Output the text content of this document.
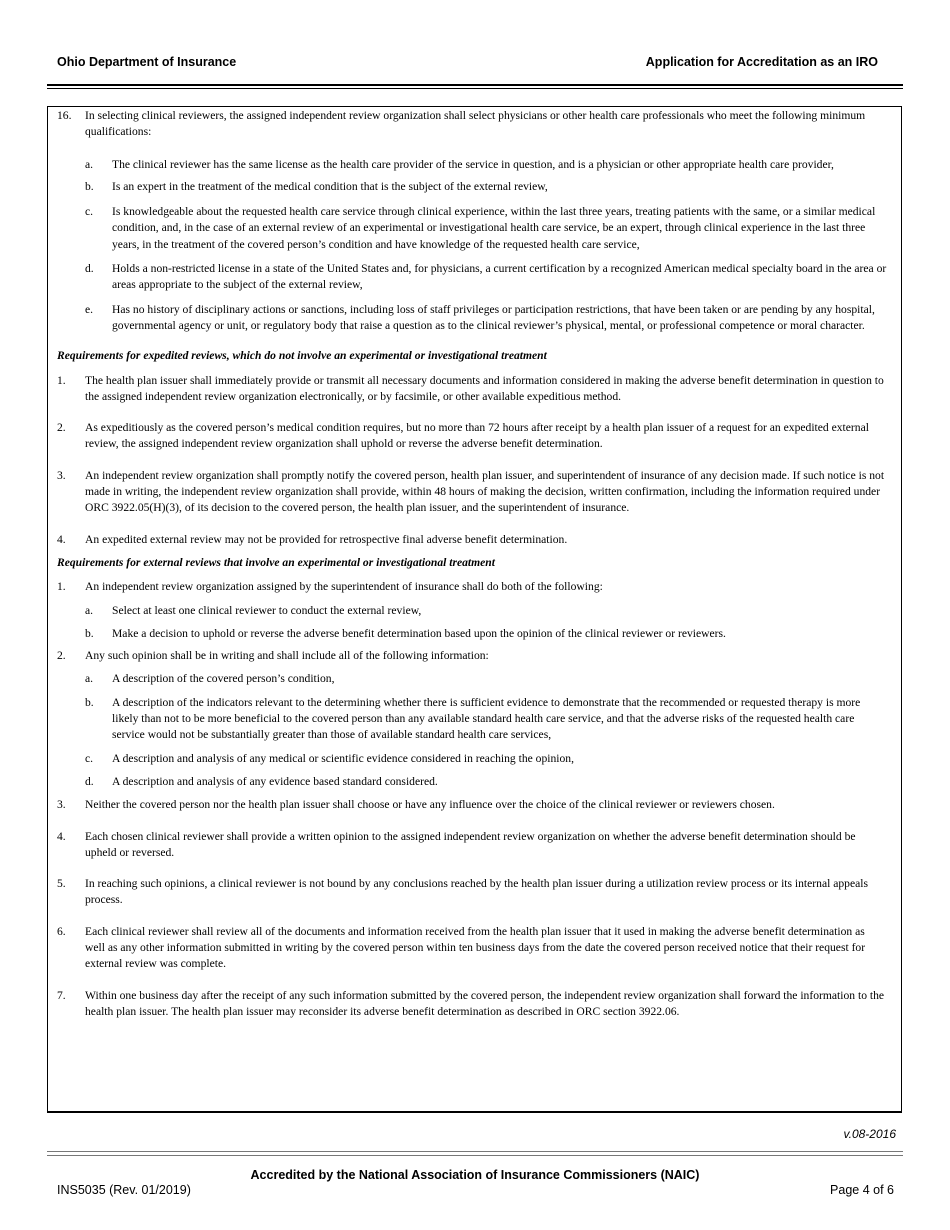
Ohio Department of Insurance	Application for Accreditation as an IRO
16.	In selecting clinical reviewers, the assigned independent review organization shall select physicians or other health care professionals who meet the following minimum qualifications:
a.	The clinical reviewer has the same license as the health care provider of the service in question, and is a physician or other appropriate health care provider,
b.	Is an expert in the treatment of the medical condition that is the subject of the external review,
c.	Is knowledgeable about the requested health care service through clinical experience, within the last three years, treating patients with the same, or a similar medical condition, and, in the case of an external review of an experimental or investigational health care service, be an expert, through clinical experience in the last three years, in the treatment of the covered person’s condition and have knowledge of the requested health care service,
d.	Holds a non-restricted license in a state of the United States and, for physicians, a current certification by a recognized American medical specialty board in the area or areas appropriate to the subject of the external review,
e.	Has no history of disciplinary actions or sanctions, including loss of staff privileges or participation restrictions, that have been taken or are pending by any hospital, governmental agency or unit, or regulatory body that raise a question as to the clinical reviewer’s physical, mental, or professional competence or moral character.
Requirements for expedited reviews, which do not involve an experimental or investigational treatment
1.	The health plan issuer shall immediately provide or transmit all necessary documents and information considered in making the adverse benefit determination in question to the assigned independent review organization electronically, or by facsimile, or other available expeditious method.
2.	As expeditiously as the covered person’s medical condition requires, but no more than 72 hours after receipt by a health plan issuer of a request for an expedited external review, the assigned independent review organization shall uphold or reverse the adverse benefit determination.
3.	An independent review organization shall promptly notify the covered person, health plan issuer, and superintendent of insurance of any decision made. If such notice is not made in writing, the independent review organization shall provide, within 48 hours of making the decision, written confirmation, including the information required under ORC 3922.05(H)(3), of its decision to the covered person, the health plan issuer, and the superintendent of insurance.
4.	An expedited external review may not be provided for retrospective final adverse benefit determination.
Requirements for external reviews that involve an experimental or investigational treatment
1.	An independent review organization assigned by the superintendent of insurance shall do both of the following:
a.	Select at least one clinical reviewer to conduct the external review,
b.	Make a decision to uphold or reverse the adverse benefit determination based upon the opinion of the clinical reviewer or reviewers.
2.	Any such opinion shall be in writing and shall include all of the following information:
a.	A description of the covered person’s condition,
b.	A description of the indicators relevant to the determining whether there is sufficient evidence to demonstrate that the recommended or requested therapy is more likely than not to be more beneficial to the covered person than any available standard health care service, and that the adverse risks of the requested health care service would not be substantially greater than those of available standard health care services,
c.	A description and analysis of any medical or scientific evidence considered in reaching the opinion,
d.	A description and analysis of any evidence based standard considered.
3.	Neither the covered person nor the health plan issuer shall choose or have any influence over the choice of the clinical reviewer or reviewers chosen.
4.	Each chosen clinical reviewer shall provide a written opinion to the assigned independent review organization on whether the adverse benefit determination should be upheld or reversed.
5.	In reaching such opinions, a clinical reviewer is not bound by any conclusions reached by the health plan issuer during a utilization review process or its internal appeals process.
6.	Each clinical reviewer shall review all of the documents and information received from the health plan issuer that it used in making the adverse benefit determination as well as any other information submitted in writing by the covered person within ten business days from the date the covered person received notice that their request for external review was complete.
7.	Within one business day after the receipt of any such information submitted by the covered person, the independent review organization shall forward the information to the health plan issuer. The health plan issuer may reconsider its adverse benefit determination as described in ORC section 3922.06.
v.08-2016
Accredited by the National Association of Insurance Commissioners (NAIC)
INS5035 (Rev. 01/2019)	Page 4 of 6
